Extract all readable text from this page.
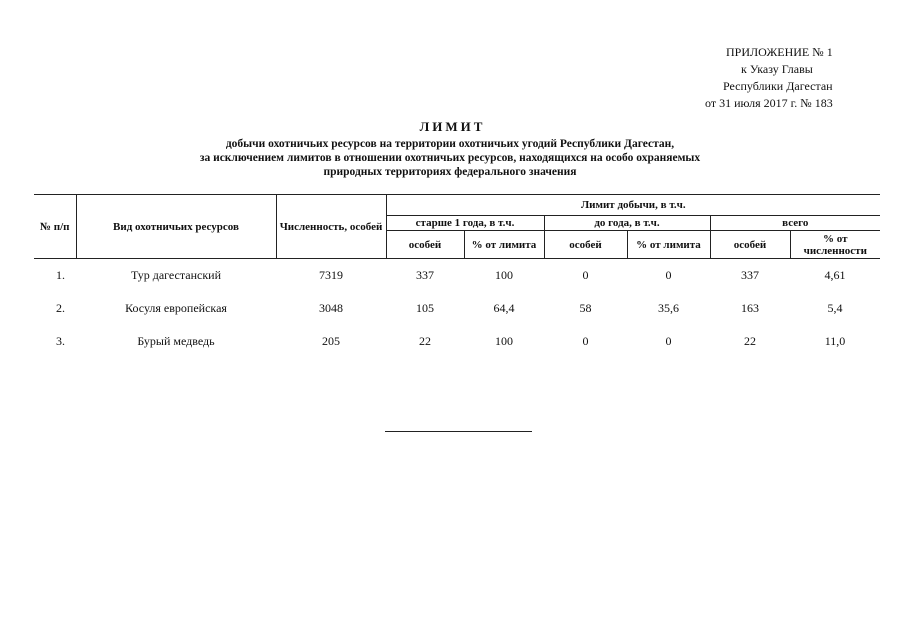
ПРИЛОЖЕНИЕ № 1
к Указу Главы
Республики Дагестан
от 31 июля 2017 г. № 183
ЛИМИТ
добычи охотничьих ресурсов на территории охотничьих угодий Республики Дагестан,
за исключением лимитов в отношении охотничьих ресурсов, находящихся на особо охраняемых
природных территориях федерального значения
№ п/п	Вид охотничьих ресурсов	Численность, особей	Лимит добычи, в т.ч.					
			старше 1 года, в т.ч.		до года, в т.ч.		всего	
			особей	% от лимита	особей	% от лимита	особей	% от численности
1.	Тур дагестанский	7319	337	100	0	0	337	4,61
2.	Косуля европейская	3048	105	64,4	58	35,6	163	5,4
3.	Бурый медведь	205	22	100	0	0	22	11,0
